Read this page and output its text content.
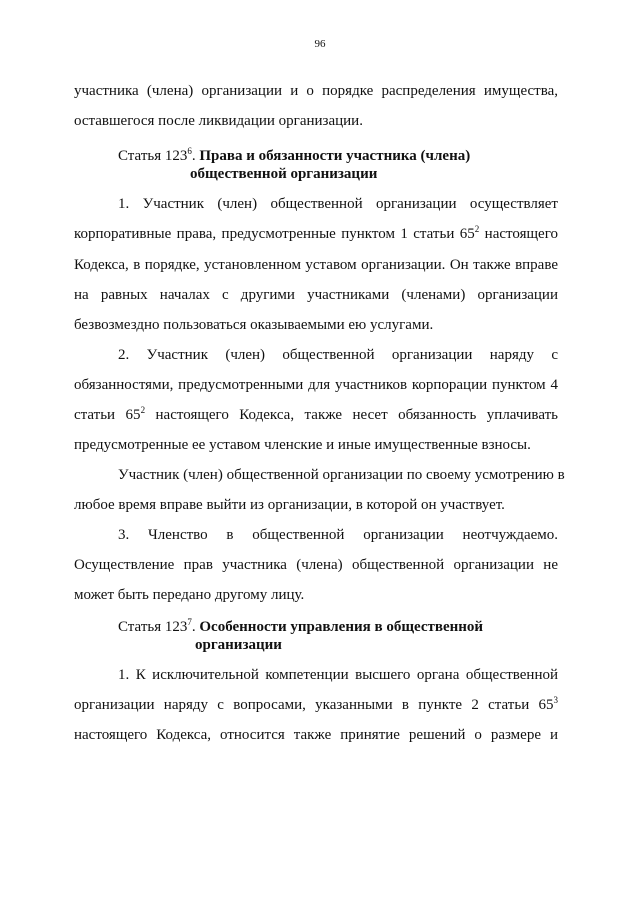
96
участника (члена) организации и о порядке распределения имущества,
оставшегося после ликвидации организации.
Статья $123^6$. Права и обязанности участника (члена)
общественной организации
1. Участник (член) общественной организации осуществляет
корпоративные права, предусмотренные пунктом 1 статьи $65^2$ настоящего
Кодекса, в порядке, установленном уставом организации. Он также вправе
на равных началах с другими участниками (членами) организации
безвозмездно пользоваться оказываемыми ею услугами.
2. Участник (член) общественной организации наряду с
обязанностями, предусмотренными для участников корпорации пунктом 4
статьи $65^2$ настоящего Кодекса, также несет обязанность уплачивать
предусмотренные ее уставом членские и иные имущественные взносы.
Участник (член) общественной организации по своему усмотрению в
любое время вправе выйти из организации, в которой он участвует.
3. Членство в общественной организации неотчуждаемо.
Осуществление прав участника (члена) общественной организации не
может быть передано другому лицу.
Статья $123^7$. Особенности управления в общественной
организации
1. К исключительной компетенции высшего органа общественной
организации наряду с вопросами, указанными в пункте 2 статьи $65^3$
настоящего Кодекса, относится также принятие решений о размере и
